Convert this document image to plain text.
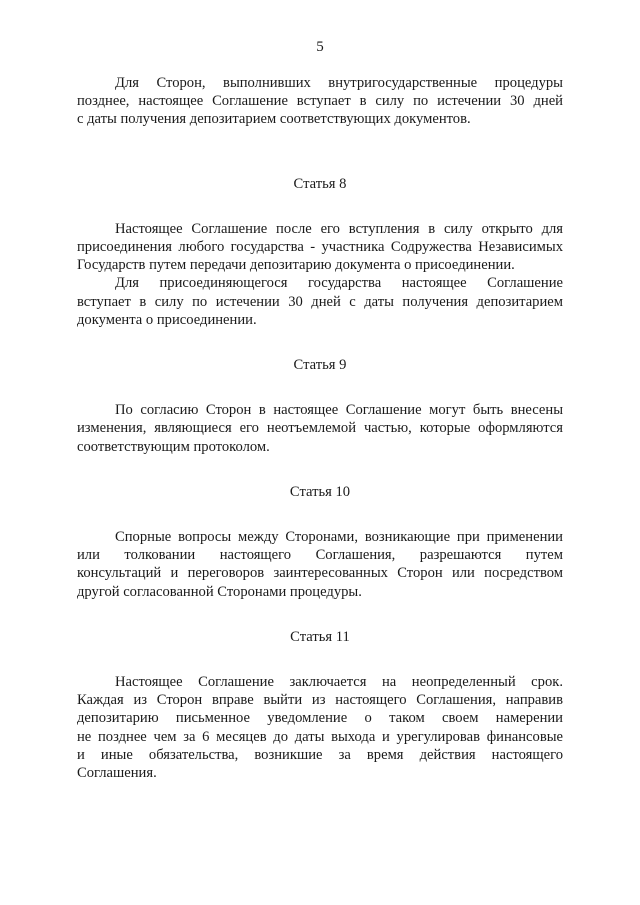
5

Для Сторон, выполнивших внутригосударственные процедуры
позднее, настоящее Соглашение вступает в силу по истечении 30 дней
с даты получения депозитарием соответствующих документов.

Статья 8

Настоящее Соглашение после его вступления в силу открыто для
присоединения любого государства - участника Содружества Независимых
Государств путем передачи депозитарию документа о присоединении.

Для присоединяющегося государства настоящее Соглашение
вступает в силу по истечении 30 дней с даты получения депозитарием
документа о присоединении.

Статья 9

По согласию Сторон в настоящее Соглашение могут быть внесены
изменения, являющиеся его неотъемлемой частью, которые оформляются
соответствующим протоколом.

Статья 10

Спорные вопросы между Сторонами, возникающие при применении
или толковании настоящего Соглашения, разрешаются путем
консультаций и переговоров заинтересованных Сторон или посредством
другой согласованной Сторонами процедуры.

Статья 11

Настоящее Соглашение заключается на неопределенный срок.
Каждая из Сторон вправе выйти из настоящего Соглашения, направив
депозитарию письменное уведомление о таком своем намерении
не позднее чем за 6 месяцев до даты выхода и урегулировав финансовые
и иные обязательства, возникшие за время действия настоящего
Соглашения.
